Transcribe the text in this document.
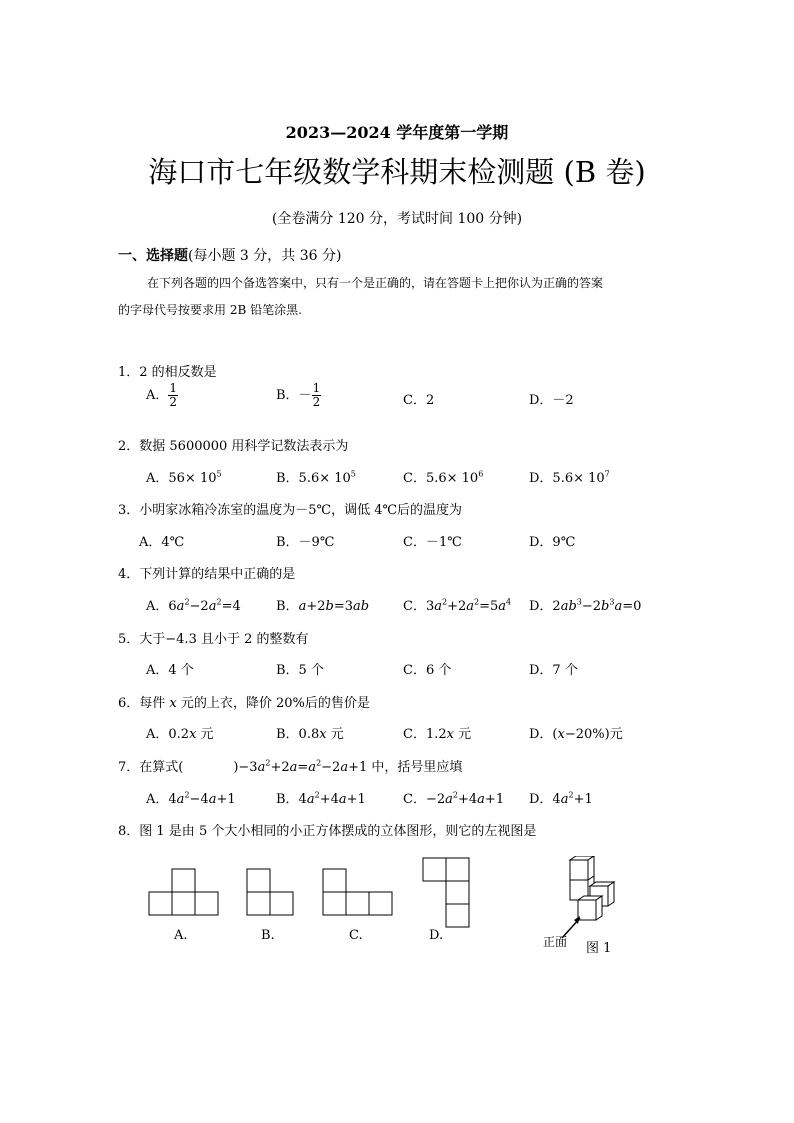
2023—2024 学年度第一学期
海口市七年级数学科期末检测题 (B 卷)
(全卷满分 120 分，考试时间 100 分钟)
一、选择题(每小题 3 分，共 36 分)
在下列各题的四个备选答案中，只有一个是正确的，请在答题卡上把你认为正确的答案
的字母代号按要求用 2B 铅笔涂黑.
1．2 的相反数是
A． $\frac{1}{2}$	B．－ $\frac{1}{2}$	C．2	D．－2
2．数据 5600000 用科学记数法表示为
A．$56\times 10^5$	B．$5.6\times 10^5$	C．$5.6\times 10^6$	D．$5.6\times 10^7$
3．小明家冰箱冷冻室的温度为－5℃，调低 4℃后的温度为
A．4℃	B．－9℃	C．－1℃	D．9℃
4．下列计算的结果中正确的是
A．$6a^2-2a^2=4$	B．a+2b=3ab	C．$3a^2+2a^2=5a^4$ D．$2ab^3-2b^3a=0$
5．大于−4.3 且小于 2 的整数有
A．4 个	B．5 个	C．6 个	D．7 个
6．每件 x 元的上衣，降价 20%后的售价是
A．0.2x 元	B．0.8x 元	C．1.2x 元	D．(x−20%)元
7．在算式(	)$-3a^2+2a=a^2-2a+1$ 中，括号里应填
A．$4a^2-4a+1$	B．$4a^2+4a+1$	C．$-2a^2+4a+1$ D．$4a^2+1$
8．图 1 是由 5 个大小相同的小正方体摆成的立体图形，则它的左视图是
A.	B.	C.	D.	正面 图 1
